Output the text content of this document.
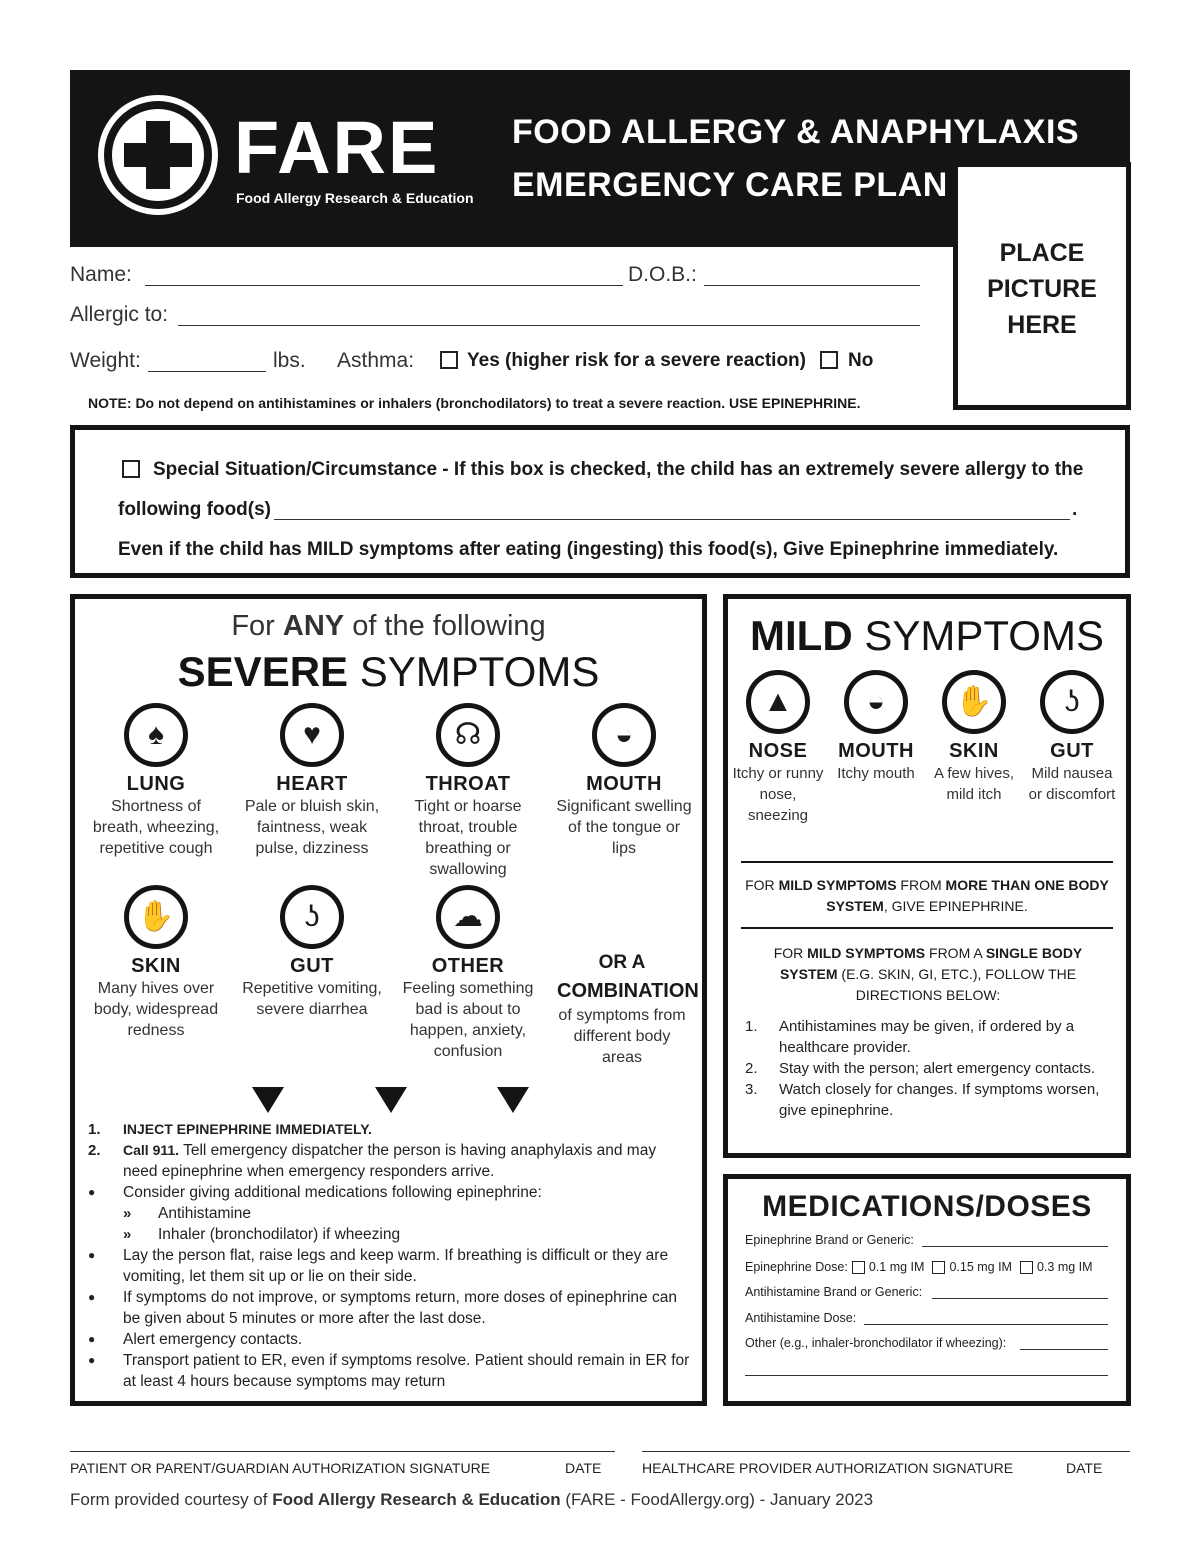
FARE
Food Allergy Research & Education
FOOD ALLERGY & ANAPHYLAXIS
EMERGENCY CARE PLAN
PLACE
PICTURE
HERE
Name:	D.O.B.:
Allergic to:
Weight:	lbs. Asthma:	Yes (higher risk for a severe reaction) No
NOTE: Do not depend on antihistamines or inhalers (bronchodilators) to treat a severe reaction. USE EPINEPHRINE.
Special Situation/Circumstance - If this box is checked, the child has an extremely severe allergy to the
following food(s)	.
Even if the child has MILD symptoms after eating (ingesting) this food(s), Give Epinephrine immediately.
For ANY of the following
SEVERE SYMPTOMS
♠
LUNG
Shortness of breath, wheezing, repetitive cough
♥
HEART
Pale or bluish skin, faintness, weak pulse, dizziness
☊
THROAT
Tight or hoarse throat, trouble breathing or swallowing
◒
MOUTH
Significant swelling of the tongue or lips
✋
SKIN
Many hives over body, widespread redness
ʖ
GUT
Repetitive vomiting, severe diarrhea
☁
OTHER
Feeling something bad is about to happen, anxiety, confusion
OR A
COMBINATION
of symptoms from different body areas
1.	INJECT EPINEPHRINE IMMEDIATELY.
2.	Call 911. Tell emergency dispatcher the person is having anaphylaxis and may need epinephrine when emergency responders arrive.
●	Consider giving additional medications following epinephrine:
»	Antihistamine
»	Inhaler (bronchodilator) if wheezing
●	Lay the person flat, raise legs and keep warm. If breathing is difficult or they are vomiting, let them sit up or lie on their side.
●	If symptoms do not improve, or symptoms return, more doses of epinephrine can be given about 5 minutes or more after the last dose.
●	Alert emergency contacts.
●	Transport patient to ER, even if symptoms resolve. Patient should remain in ER for at least 4 hours because symptoms may return
MILD SYMPTOMS
▲
NOSE
Itchy or runny nose, sneezing
◒
MOUTH
Itchy mouth
✋
SKIN
A few hives, mild itch
ʖ
GUT
Mild nausea or discomfort
FOR MILD SYMPTOMS FROM MORE THAN ONE BODY SYSTEM, GIVE EPINEPHRINE.
FOR MILD SYMPTOMS FROM A SINGLE BODY SYSTEM (E.G. SKIN, GI, ETC.), FOLLOW THE DIRECTIONS BELOW:
1.	Antihistamines may be given, if ordered by a healthcare provider.
2.	Stay with the person; alert emergency contacts.
3.	Watch closely for changes. If symptoms worsen, give epinephrine.
MEDICATIONS/DOSES
Epinephrine Brand or Generic:
Epinephrine Dose: 0.1 mg IM 0.15 mg IM 0.3 mg IM
Antihistamine Brand or Generic:
Antihistamine Dose:
Other (e.g., inhaler-bronchodilator if wheezing):
PATIENT OR PARENT/GUARDIAN AUTHORIZATION SIGNATURE	DATE	HEALTHCARE PROVIDER AUTHORIZATION SIGNATURE	DATE
Form provided courtesy of Food Allergy Research & Education (FARE - FoodAllergy.org) - January 2023
